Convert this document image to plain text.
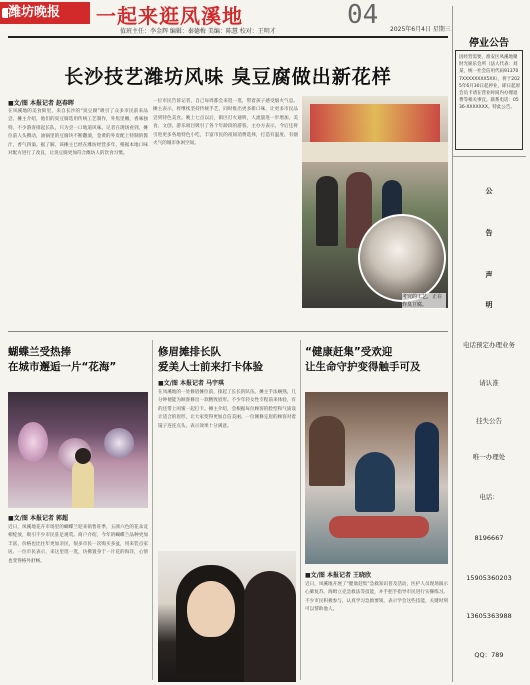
潍坊晚报	一起来逛凤溪地	04
值班主任：李金辉 编辑：秦德梅 美编：陈慧 校对：王明才	2025年6月4日 星期三
长沙技艺潍坊风味 臭豆腐做出新花样
■文/图 本报记者 赵春晖
在凤溪地的美食街里，来自长沙的“臭豆腐”吸引了众多市民前来品尝。摊主介绍，他们的臭豆腐选用传统工艺制作，外焦里嫩，香味独特。不少游客排起长队，只为尝一口地道风味。记者在现场看到，摊位前人头攒动，油锅里的豆腐块不断翻滚，金黄的外皮配上特制的酱汁，香气四溢。据了解，该摊主已经在潍坊经营多年，根据本地口味对配方进行了改良，让臭豆腐更加符合潍坊人的饮食习惯。
一位市民告诉记者，自己每周都会来逛一逛，带着孩子感受烟火气息。摊主表示，将继续坚持传统手艺，同时推出更多新口味，让更多市民品尝到特色美食。晚上七点以后，街区灯火通明，人流量进一步增加，美食、文创、游乐项目吸引了各个年龄段的游客。主办方表示，今后还将引进更多各地特色小吃，丰富市民的夜间消费选择，打造有温度、有烟火气的城市休闲空间。
考究的工艺，正在炸臭豆腐。
停业公告
因经营需要，淮安区凤溪地聚时光娱乐会所（法人代表：刘某，统一社会信用代码913707XXXXXXXX5XX），将于2025年6月30日起停业，即日起原会员卡请在营业时间内办理退费等相关事宜。联系电话：0536-XXXXXXX。特此公告。
公
告
声
明
电话预定办理业务
请认准
挂失公告
唯一办理处
电话：
8196667
15905360203
13605363988
QQ：789
蝴蝶兰受热捧
在城市邂逅一片“花海”
■文/图 本报记者 郭超
近日，凤溪地花卉市场里的蝴蝶兰迎来销售旺季，五颜六色的花朵竞相绽放，吸引不少市民驻足观赏。商户介绍，今年的蝴蝶兰品种更加丰富，价格也比往年更加亲民，很多市民一次购买多盆，用来装点家居。一位市民表示，来这里逛一逛，仿佛置身于一片花的海洋，心情也变得格外舒畅。
修眉摊排长队
爱美人士前来打卡体验
■文/图 本报记者 马宇琪
在凤溪地的一处修眉摊位前，排起了长长的队伍。摊主手法娴熟，几分钟便能为顾客修出一款精致眉形。不少年轻女性专程前来体验，有的还带上闺蜜一起打卡。摊主介绍，会根据每位顾客的脸型和气质设计适合的眉形，让大家变得更加自信美丽。一位刚修完眉的顾客对着镜子连连点头，表示效果十分满意。
“健康赶集”受欢迎
让生命守护变得触手可及
■文/图 本报记者 王晓欣
近日，凤溪地开展了“健康赶集”急救知识普及活动，医护人员现场演示心肺复苏、海姆立克急救法等技能，并手把手指导市民进行实操练习。不少市民积极参与，认真学习急救要领，表示学会这些技能，关键时刻可以帮助他人。
